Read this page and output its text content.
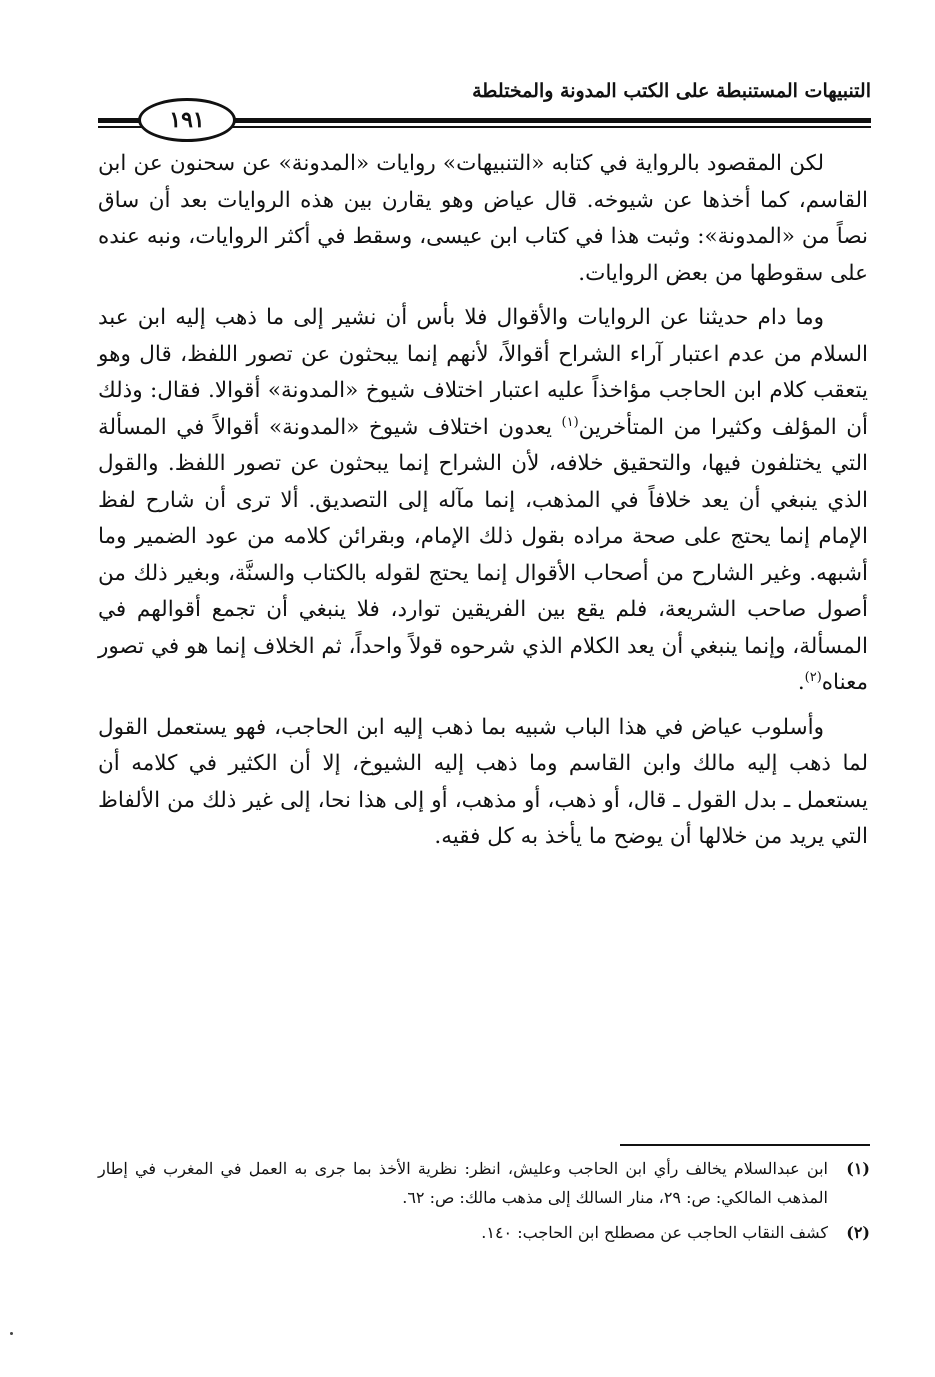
التنبيهات المستنبطة على الكتب المدونة والمختلطة
١٩١

لكن المقصود بالرواية في كتابه «التنبيهات» روايات «المدونة» عن سحنون عن ابن القاسم، كما أخذها عن شيوخه. قال عياض وهو يقارن بين هذه الروايات بعد أن ساق نصاً من «المدونة»: وثبت هذا في كتاب ابن عيسى، وسقط في أكثر الروايات، ونبه عنده على سقوطها من بعض الروايات.

وما دام حديثنا عن الروايات والأقوال فلا بأس أن نشير إلى ما ذهب إليه ابن عبد السلام من عدم اعتبار آراء الشراح أقوالاً، لأنهم إنما يبحثون عن تصور اللفظ، قال وهو يتعقب كلام ابن الحاجب مؤاخذاً عليه اعتبار اختلاف شيوخ «المدونة» أقوالا. فقال: وذلك أن المؤلف وكثيرا من المتأخرين$^{(١)}$ يعدون اختلاف شيوخ «المدونة» أقوالاً في المسألة التي يختلفون فيها، والتحقيق خلافه، لأن الشراح إنما يبحثون عن تصور اللفظ. والقول الذي ينبغي أن يعد خلافاً في المذهب، إنما مآله إلى التصديق. ألا ترى أن شارح لفظ الإمام إنما يحتج على صحة مراده بقول ذلك الإمام، وبقرائن كلامه من عود الضمير وما أشبهه. وغير الشارح من أصحاب الأقوال إنما يحتج لقوله بالكتاب والسنَّة، وبغير ذلك من أصول صاحب الشريعة، فلم يقع بين الفريقين توارد، فلا ينبغي أن تجمع أقوالهم في المسألة، وإنما ينبغي أن يعد الكلام الذي شرحوه قولاً واحداً، ثم الخلاف إنما هو في تصور معناه$^{(٢)}$.

وأسلوب عياض في هذا الباب شبيه بما ذهب إليه ابن الحاجب، فهو يستعمل القول لما ذهب إليه مالك وابن القاسم وما ذهب إليه الشيوخ، إلا أن الكثير في كلامه أن يستعمل ـ بدل القول ـ قال، أو ذهب، أو مذهب، أو إلى هذا نحا، إلى غير ذلك من الألفاظ التي يريد من خلالها أن يوضح ما يأخذ به كل فقيه.

(١)
ابن عبدالسلام يخالف رأي ابن الحاجب وعليش، انظر: نظرية الأخذ بما جرى به العمل في المغرب في إطار المذهب المالكي: ص: ٢٩، منار السالك إلى مذهب مالك: ص: ٦٢.
(٢)
كشف النقاب الحاجب عن مصطلح ابن الحاجب: ١٤٠.
